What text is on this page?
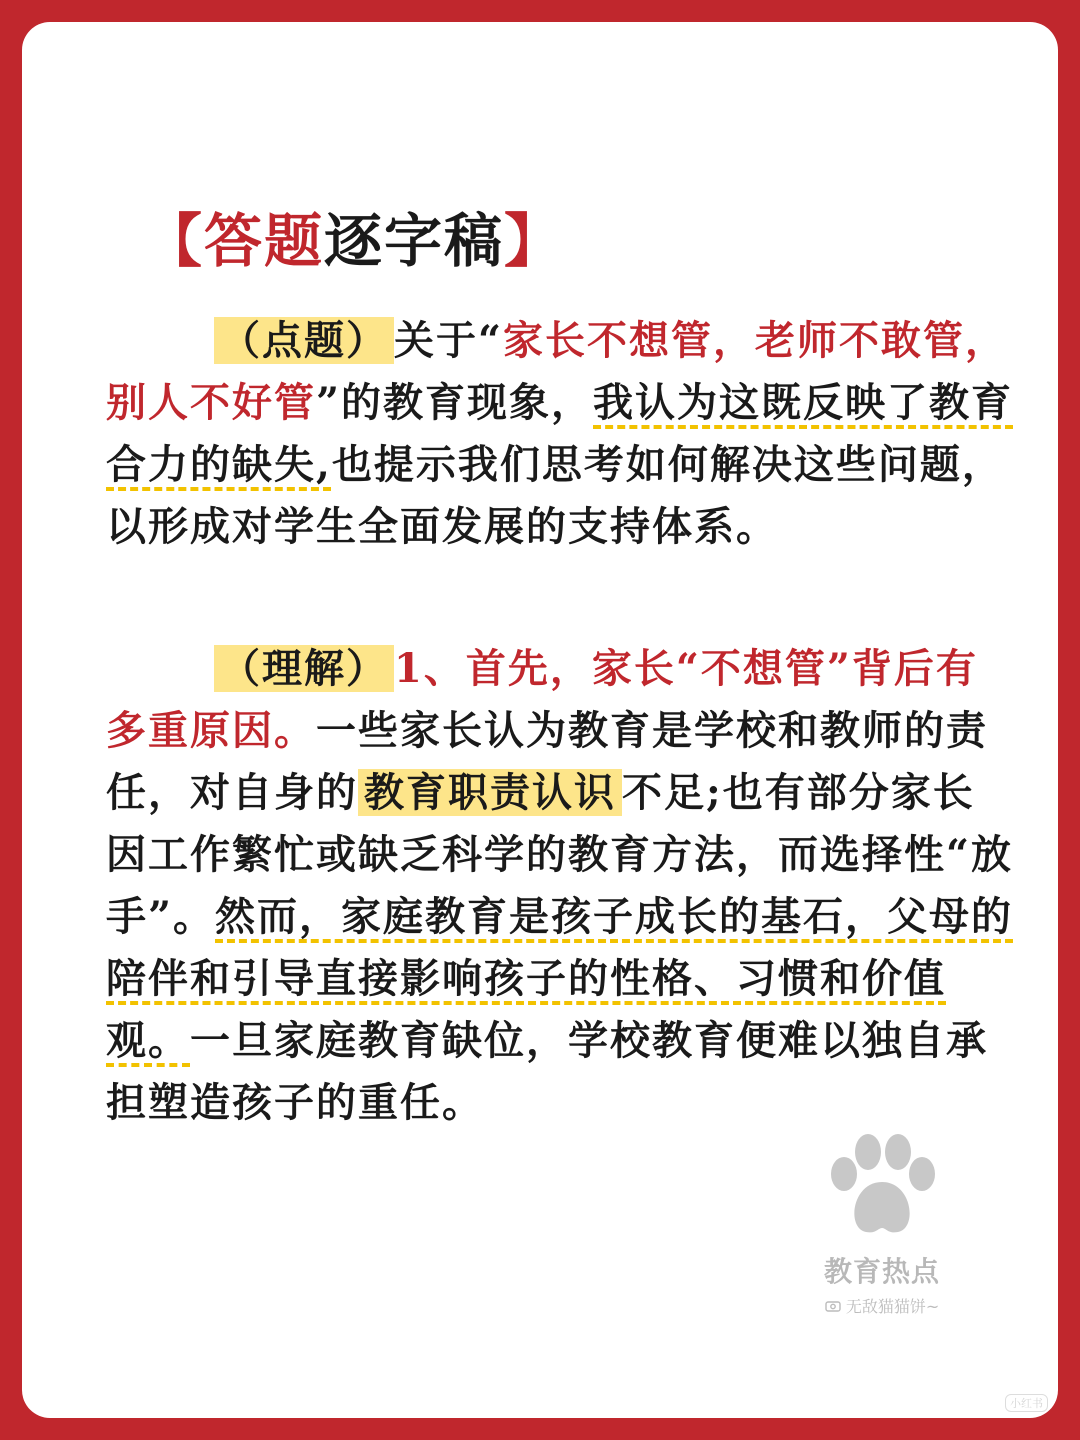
【答题逐字稿】
（点题） 关于“家长不想管，老师不敢管，别人不好管”的教育现象，我认为这既反映了教育合力的缺失,也提示我们思考如何解决这些问题，以形成对学生全面发展的支持体系。
（理解） 1、首先，家长“不想管”背后有多重原因。一些家长认为教育是学校和教师的责任，对自身的 教育职责认识 不足;也有部分家长因工作繁忙或缺乏科学的教育方法，而选择性“放手”。然而，家庭教育是孩子成长的基石，父母的陪伴和引导直接影响孩子的性格、习惯和价值观。一旦家庭教育缺位，学校教育便难以独自承担塑造孩子的重任。
教育热点
无敌猫猫饼~
小红书
